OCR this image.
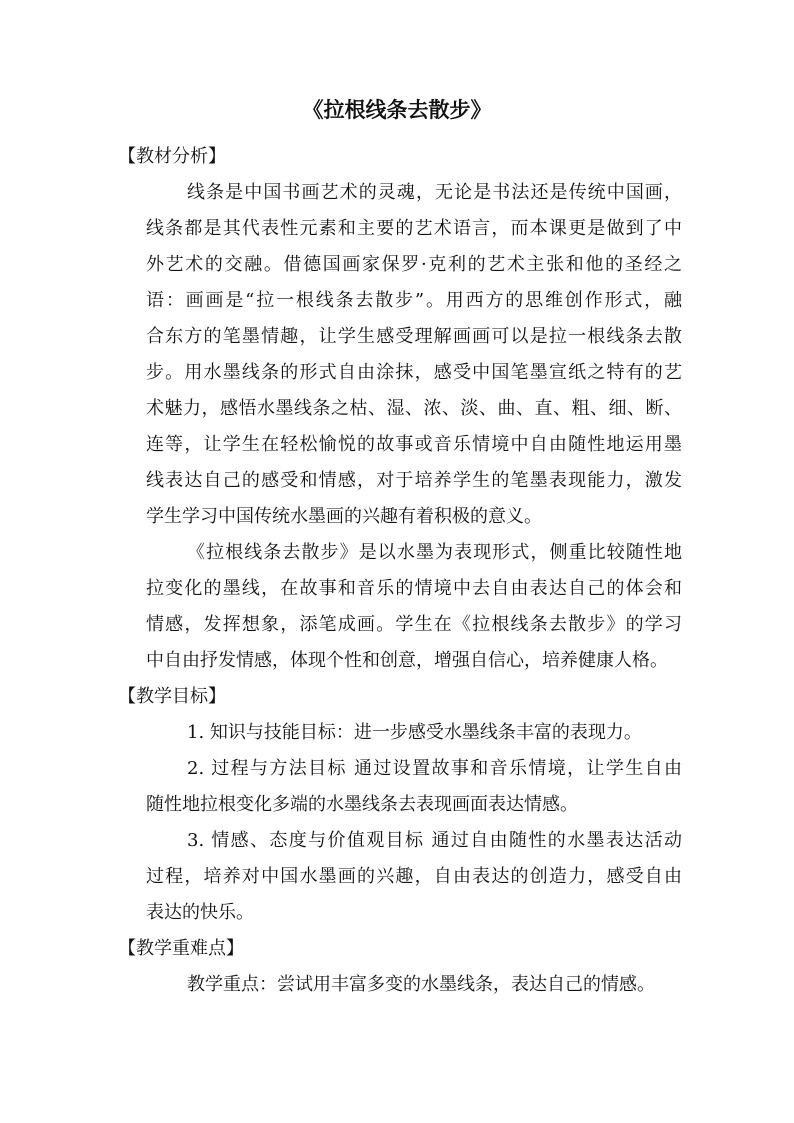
《拉根线条去散步》
【教材分析】
线条是中国书画艺术的灵魂，无论是书法还是传统中国画，
线条都是其代表性元素和主要的艺术语言，而本课更是做到了中
外艺术的交融。借德国画家保罗·克利的艺术主张和他的圣经之
语：画画是“拉一根线条去散步”。用西方的思维创作形式，融
合东方的笔墨情趣，让学生感受理解画画可以是拉一根线条去散
步。用水墨线条的形式自由涂抹，感受中国笔墨宣纸之特有的艺
术魅力，感悟水墨线条之枯、湿、浓、淡、曲、直、粗、细、断、
连等，让学生在轻松愉悦的故事或音乐情境中自由随性地运用墨
线表达自己的感受和情感，对于培养学生的笔墨表现能力，激发
学生学习中国传统水墨画的兴趣有着积极的意义。
《拉根线条去散步》是以水墨为表现形式，侧重比较随性地
拉变化的墨线，在故事和音乐的情境中去自由表达自己的体会和
情感，发挥想象，添笔成画。学生在《拉根线条去散步》的学习
中自由抒发情感，体现个性和创意，增强自信心，培养健康人格。
【教学目标】
1. 知识与技能目标：进一步感受水墨线条丰富的表现力。
2. 过程与方法目标 通过设置故事和音乐情境，让学生自由
随性地拉根变化多端的水墨线条去表现画面表达情感。
3. 情感、态度与价值观目标 通过自由随性的水墨表达活动
过程，培养对中国水墨画的兴趣，自由表达的创造力，感受自由
表达的快乐。
【教学重难点】
教学重点：尝试用丰富多变的水墨线条，表达自己的情感。
